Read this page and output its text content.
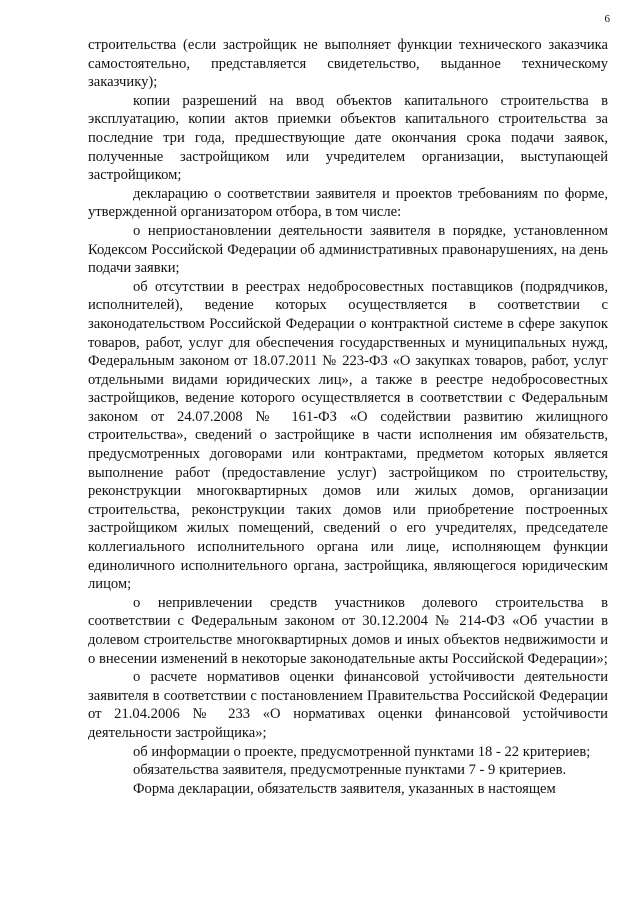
6

строительства (если застройщик не выполняет функции технического заказчика самостоятельно, представляется свидетельство, выданное техническому заказчику);

копии разрешений на ввод объектов капитального строительства в эксплуатацию, копии актов приемки объектов капитального строительства за последние три года, предшествующие дате окончания срока подачи заявок, полученные застройщиком или учредителем организации, выступающей застройщиком;

декларацию о соответствии заявителя и проектов требованиям по форме, утвержденной организатором отбора, в том числе:

о неприостановлении деятельности заявителя в порядке, установленном Кодексом Российской Федерации об административных правонарушениях, на день подачи заявки;

об отсутствии в реестрах недобросовестных поставщиков (подрядчиков, исполнителей), ведение которых осуществляется в соответствии с законодательством Российской Федерации о контрактной системе в сфере закупок товаров, работ, услуг для обеспечения государственных и муниципальных нужд, Федеральным законом от 18.07.2011 № 223-ФЗ «О закупках товаров, работ, услуг отдельными видами юридических лиц», а также в реестре недобросовестных застройщиков, ведение которого осуществляется в соответствии с Федеральным законом от 24.07.2008 № 161-ФЗ «О содействии развитию жилищного строительства», сведений о застройщике в части исполнения им обязательств, предусмотренных договорами или контрактами, предметом которых является выполнение работ (предоставление услуг) застройщиком по строительству, реконструкции многоквартирных домов или жилых домов, организации строительства, реконструкции таких домов или приобретение построенных застройщиком жилых помещений, сведений о его учредителях, председателе коллегиального исполнительного органа или лице, исполняющем функции единоличного исполнительного органа, застройщика, являющегося юридическим лицом;

о непривлечении средств участников долевого строительства в соответствии с Федеральным законом от 30.12.2004 № 214-ФЗ «Об участии в долевом строительстве многоквартирных домов и иных объектов недвижимости и о внесении изменений в некоторые законодательные акты Российской Федерации»;

о расчете нормативов оценки финансовой устойчивости деятельности заявителя в соответствии с постановлением Правительства Российской Федерации от 21.04.2006 № 233 «О нормативах оценки финансовой устойчивости деятельности застройщика»;

об информации о проекте, предусмотренной пунктами 18 - 22 критериев;

обязательства заявителя, предусмотренные пунктами 7 - 9 критериев.

Форма декларации, обязательств заявителя, указанных в настоящем
